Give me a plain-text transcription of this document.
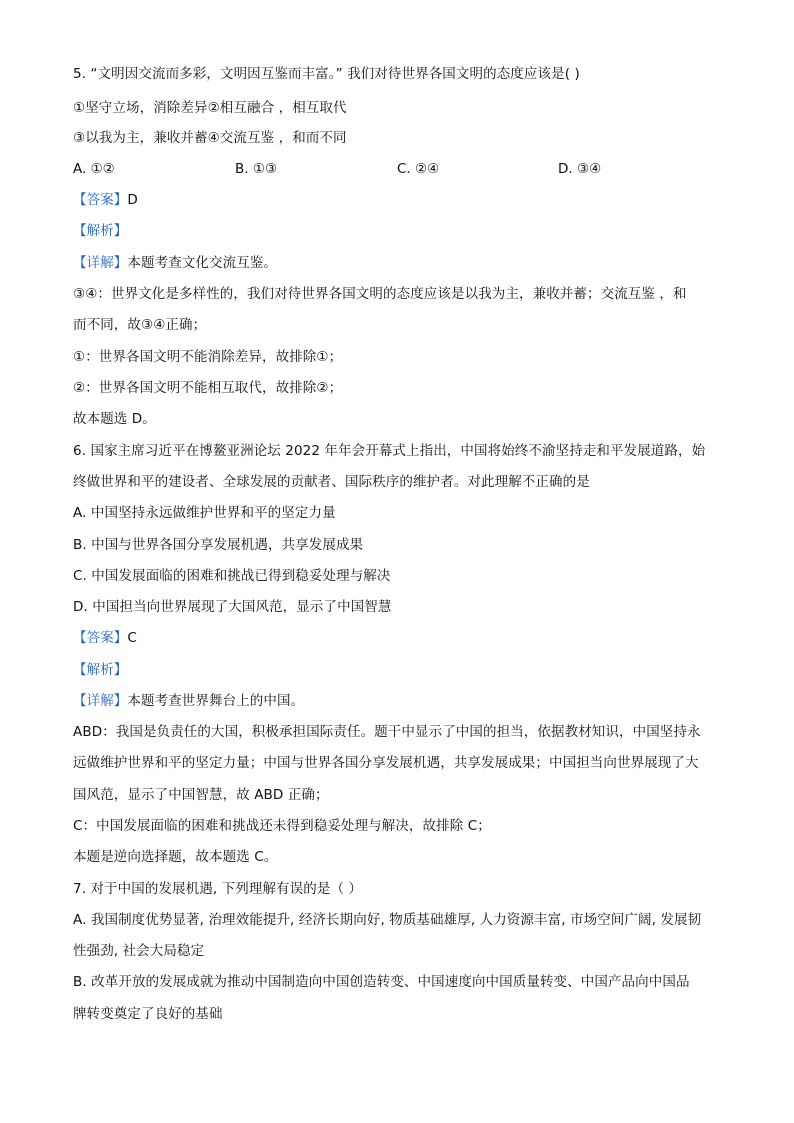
5. “文明因交流而多彩，文明因互鉴而丰富。” 我们对待世界各国文明的态度应该是( )
①坚守立场，消除差异②相互融合 ，相互取代
③以我为主，兼收并蓄④交流互鉴 ，和而不同
A. ①②	B. ①③	C. ②④	D. ③④
【答案】D
【解析】
【详解】本题考查文化交流互鉴。
③④：世界文化是多样性的，我们对待世界各国文明的态度应该是以我为主，兼收并蓄；交流互鉴 ，和
而不同，故③④正确；
①：世界各国文明不能消除差异，故排除①；
②：世界各国文明不能相互取代，故排除②；
故本题选 D。
6. 国家主席习近平在博鳌亚洲论坛 2022 年年会开幕式上指出，中国将始终不渝坚持走和平发展道路，始
终做世界和平的建设者、全球发展的贡献者、国际秩序的维护者。对此理解不正确的是
A. 中国坚持永远做维护世界和平的坚定力量
B. 中国与世界各国分享发展机遇，共享发展成果
C. 中国发展面临的困难和挑战已得到稳妥处理与解决
D. 中国担当向世界展现了大国风范，显示了中国智慧
【答案】C
【解析】
【详解】本题考查世界舞台上的中国。
ABD：我国是负责任的大国，积极承担国际责任。题干中显示了中国的担当，依据教材知识，中国坚持永
远做维护世界和平的坚定力量；中国与世界各国分享发展机遇，共享发展成果；中国担当向世界展现了大
国风范，显示了中国智慧，故 ABD 正确；
C：中国发展面临的困难和挑战还未得到稳妥处理与解决，故排除 C；
本题是逆向选择题，故本题选 C。
7. 对于中国的发展机遇, 下列理解有误的是（ ）
A. 我国制度优势显著, 治理效能提升, 经济长期向好, 物质基础雄厚, 人力资源丰富, 市场空间广阔, 发展韧
性强劲, 社会大局稳定
B. 改革开放的发展成就为推动中国制造向中国创造转变、中国速度向中国质量转变、中国产品向中国品
牌转变奠定了良好的基础
